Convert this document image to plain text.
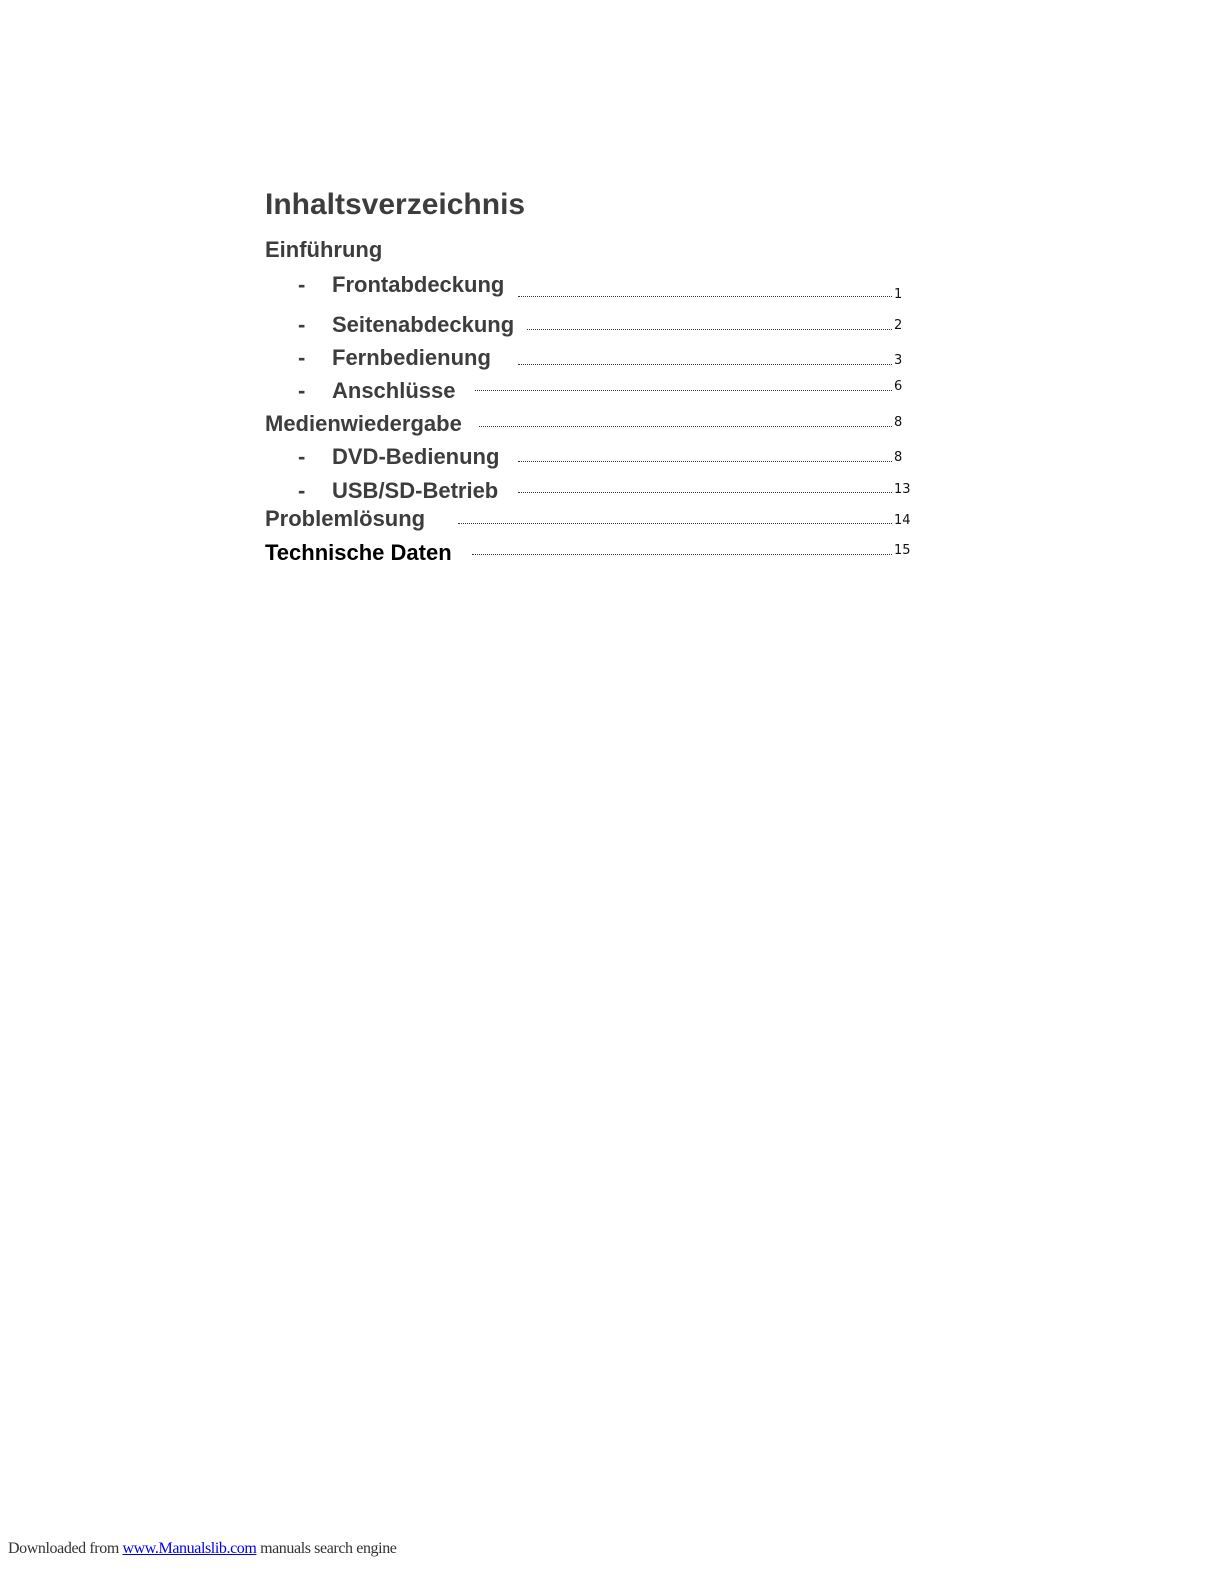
Inhaltsverzeichnis
Einführung
- Frontabdeckung	1
- Seitenabdeckung	2
- Fernbedienung	3
- Anschlüsse	6
Medienwiedergabe	8
- DVD-Bedienung	8
- USB/SD-Betrieb	13
Problemlösung	14
Technische Daten	15
Downloaded from www.Manualslib.com manuals search engine
